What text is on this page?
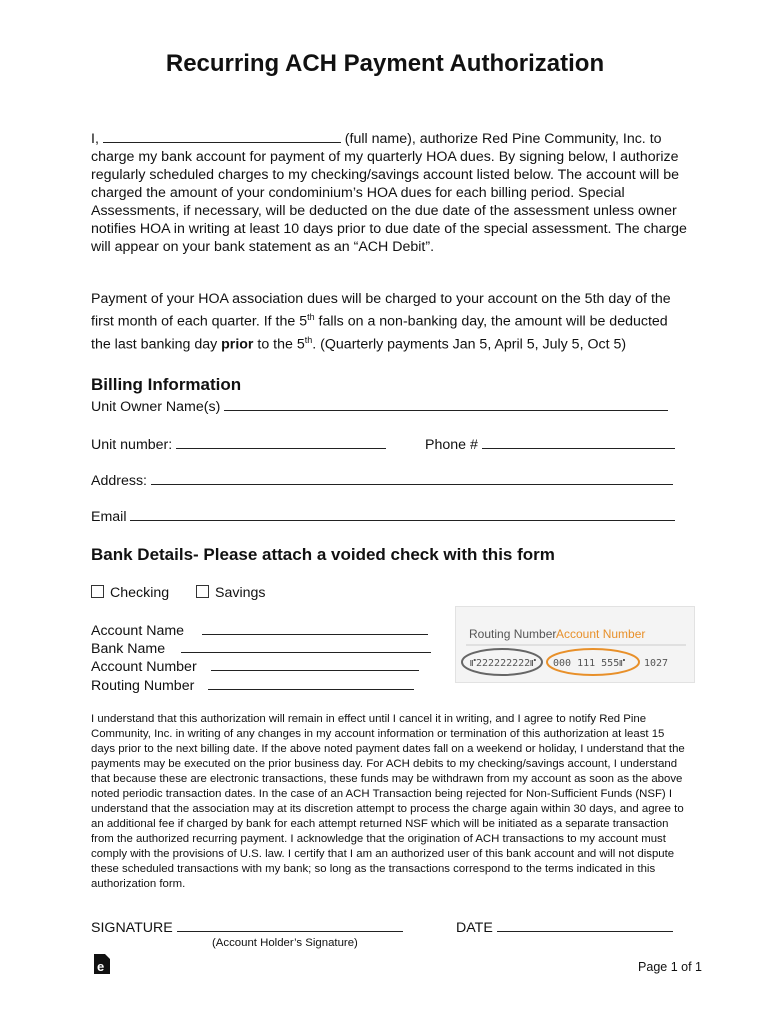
Recurring ACH Payment Authorization
I,	(full name), authorize Red Pine Community, Inc. to charge my bank account for payment of my quarterly HOA dues. By signing below, I authorize regularly scheduled charges to my checking/savings account listed below. The account will be charged the amount of your condominium’s HOA dues for each billing period. Special Assessments, if necessary, will be deducted on the due date of the assessment unless owner notifies HOA in writing at least 10 days prior to due date of the special assessment. The charge will appear on your bank statement as an “ACH Debit”.
Payment of your HOA association dues will be charged to your account on the 5th day of the first month of each quarter. If the 5th falls on a non-banking day, the amount will be deducted the last banking day prior to the 5th. (Quarterly payments Jan 5, April 5, July 5, Oct 5)
Billing Information
Unit Owner Name(s)
Unit number:	Phone #
Address:
Email
Bank Details- Please attach a voided check with this form
Checking	Savings
Account Name
Bank Name
Account Number
Routing Number
Routing Number Account Number
⑈222222222⑈ 000 111 555⑈ 1027
I understand that this authorization will remain in effect until I cancel it in writing, and I agree to notify Red Pine Community, Inc. in writing of any changes in my account information or termination of this authorization at least 15 days prior to the next billing date. If the above noted payment dates fall on a weekend or holiday, I understand that the payments may be executed on the prior business day. For ACH debits to my checking/savings account, I understand that because these are electronic transactions, these funds may be withdrawn from my account as soon as the above noted periodic transaction dates. In the case of an ACH Transaction being rejected for Non-Sufficient Funds (NSF) I understand that the association may at its discretion attempt to process the charge again within 30 days, and agree to an additional fee if charged by bank for each attempt returned NSF which will be initiated as a separate transaction from the authorized recurring payment. I acknowledge that the origination of ACH transactions to my account must comply with the provisions of U.S. law. I certify that I am an authorized user of this bank account and will not dispute these scheduled transactions with my bank; so long as the transactions correspond to the terms indicated in this authorization form.
SIGNATURE
(Account Holder’s Signature)
DATE
e	Page 1 of 1
